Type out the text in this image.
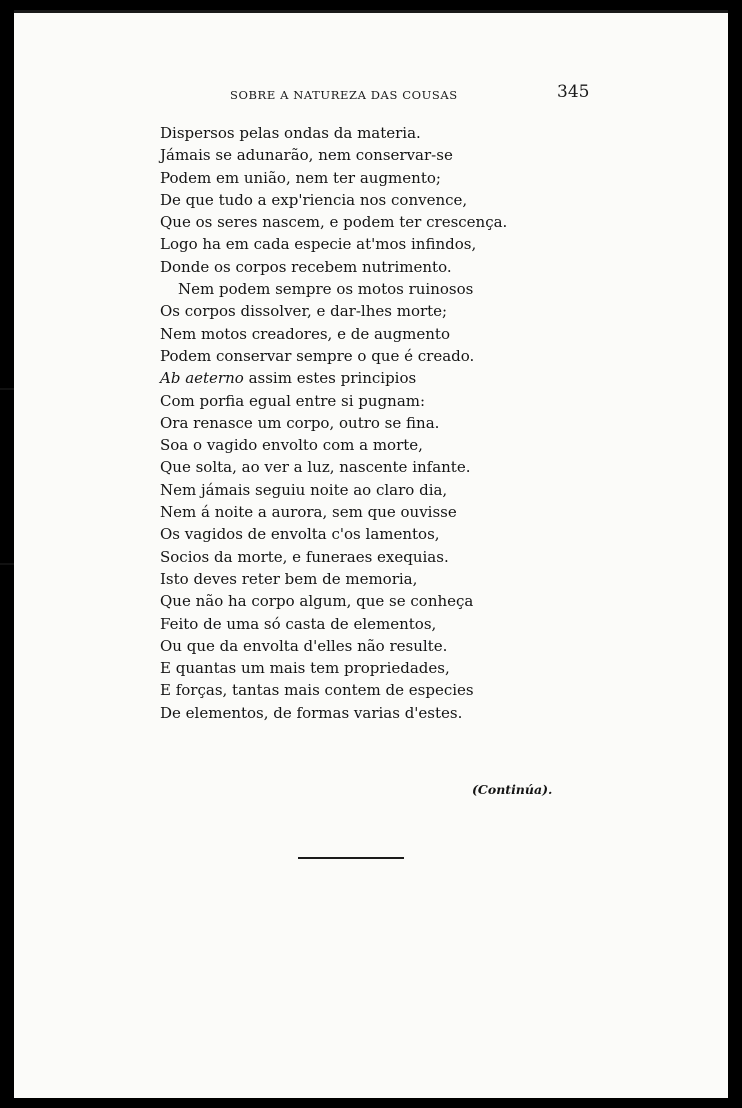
SOBRE A NATUREZA DAS COUSAS	345
Dispersos pelas ondas da materia.
Jámais se adunarão, nem conservar-se
Podem em união, nem ter augmento;
De que tudo a exp'riencia nos convence,
Que os seres nascem, e podem ter crescença.
Logo ha em cada especie at'mos infindos,
Donde os corpos recebem nutrimento.
Nem podem sempre os motos ruinosos
Os corpos dissolver, e dar-lhes morte;
Nem motos creadores, e de augmento
Podem conservar sempre o que é creado.
Ab aeterno assim estes principios
Com porfia egual entre si pugnam:
Ora renasce um corpo, outro se fina.
Soa o vagido envolto com a morte,
Que solta, ao ver a luz, nascente infante.
Nem jámais seguiu noite ao claro dia,
Nem á noite a aurora, sem que ouvisse
Os vagidos de envolta c'os lamentos,
Socios da morte, e funeraes exequias.
Isto deves reter bem de memoria,
Que não ha corpo algum, que se conheça
Feito de uma só casta de elementos,
Ou que da envolta d'elles não resulte.
E quantas um mais tem propriedades,
E forças, tantas mais contem de especies
De elementos, de formas varias d'estes.
(Continúa).
